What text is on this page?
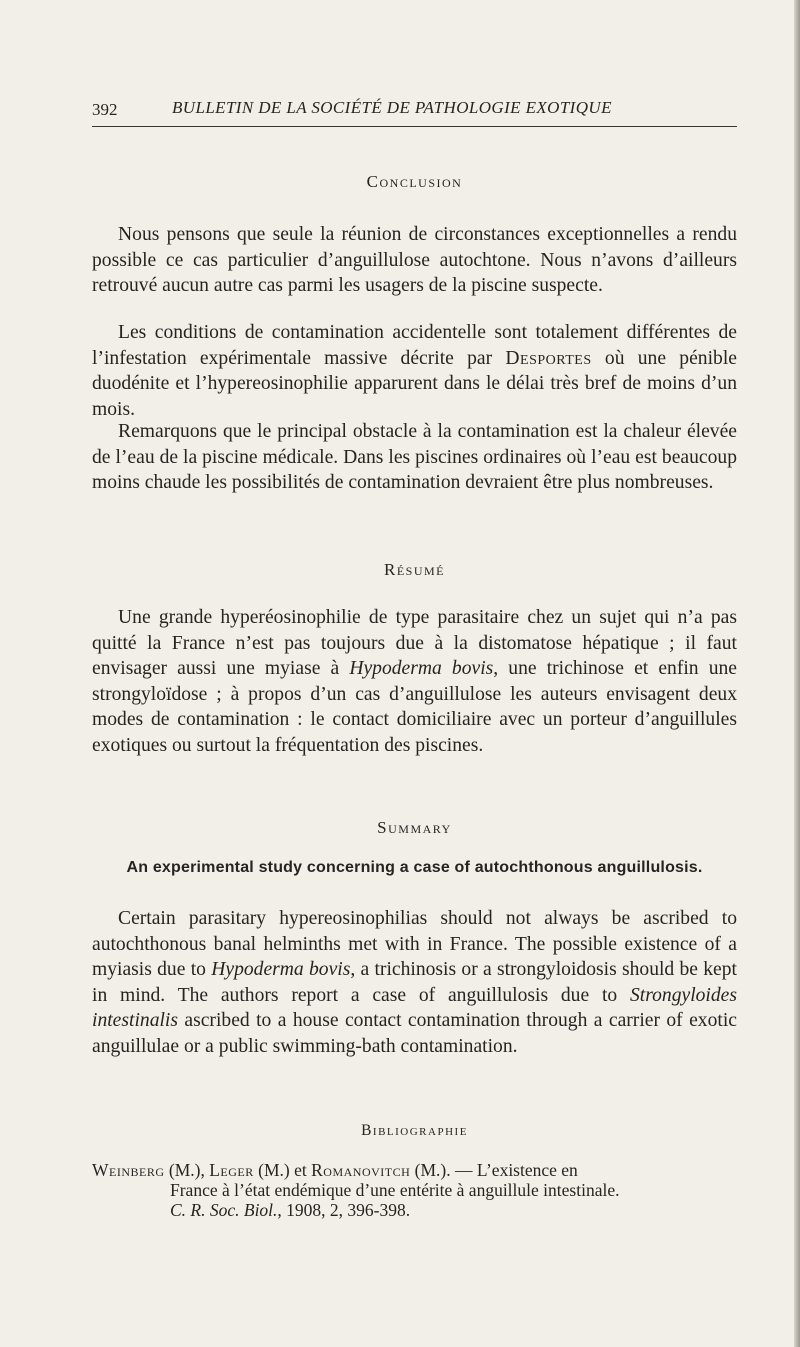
392	BULLETIN DE LA SOCIÉTÉ DE PATHOLOGIE EXOTIQUE
Conclusion

Nous pensons que seule la réunion de circonstances exceptionnelles a rendu possible ce cas particulier d’anguillulose autochtone. Nous n’avons d’ailleurs retrouvé aucun autre cas parmi les usagers de la piscine suspecte.

Les conditions de contamination accidentelle sont totalement différentes de l’infestation expérimentale massive décrite par Desportes où une pénible duodénite et l’hypereosinophilie apparurent dans le délai très bref de moins d’un mois.

Remarquons que le principal obstacle à la contamination est la chaleur élevée de l’eau de la piscine médicale. Dans les piscines ordinaires où l’eau est beaucoup moins chaude les possibilités de contamination devraient être plus nombreuses.

Résumé

Une grande hyperéosinophilie de type parasitaire chez un sujet qui n’a pas quitté la France n’est pas toujours due à la distomatose hépatique ; il faut envisager aussi une myiase à Hypoderma bovis, une trichinose et enfin une strongyloïdose ; à propos d’un cas d’anguillulose les auteurs envisagent deux modes de contamination : le contact domiciliaire avec un porteur d’anguillules exotiques ou surtout la fréquentation des piscines.

Summary
An experimental study concerning a case of autochthonous anguillulosis.

Certain parasitary hypereosinophilias should not always be ascribed to autochthonous banal helminths met with in France. The possible existence of a myiasis due to Hypoderma bovis, a trichinosis or a strongyloidosis should be kept in mind. The authors report a case of anguillulosis due to Strongyloides intestinalis ascribed to a house contact contamination through a carrier of exotic anguillulae or a public swimming-bath contamination.

Bibliographie
Weinberg (M.), Leger (M.) et Romanovitch (M.). — L’existence en
France à l’état endémique d’une entérite à anguillule intestinale.
C. R. Soc. Biol., 1908, 2, 396-398.
